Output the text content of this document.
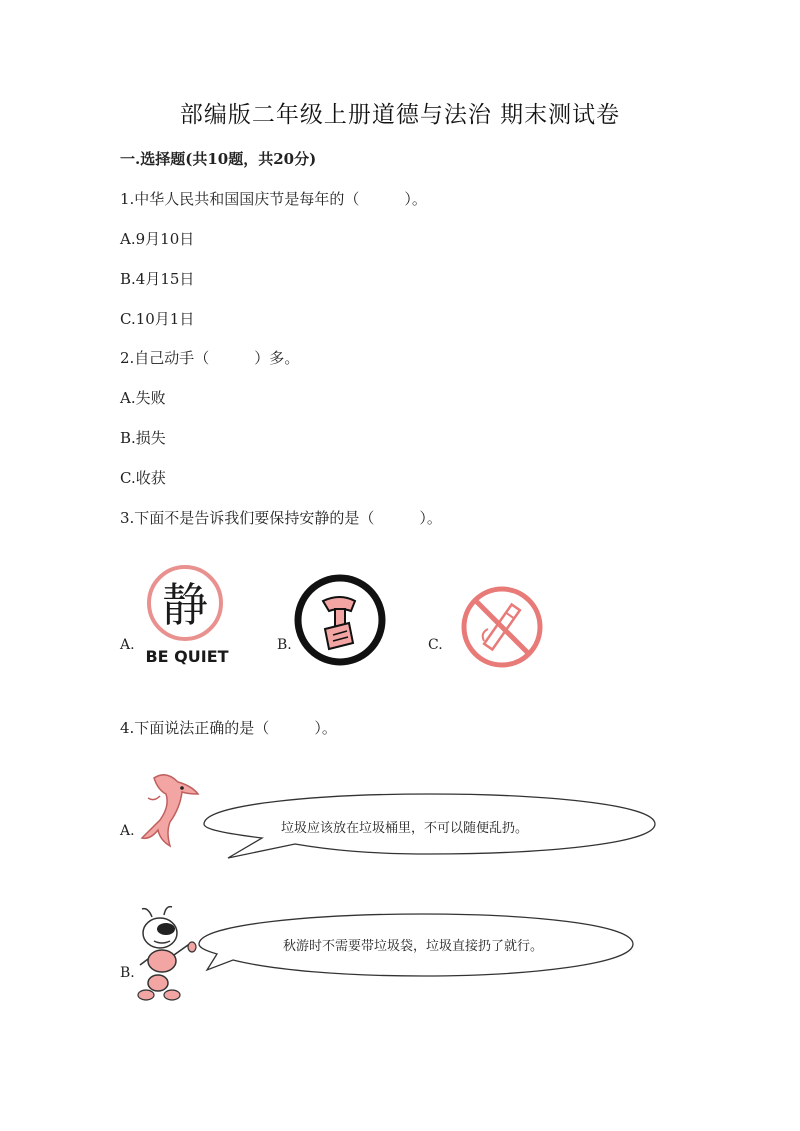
部编版二年级上册道德与法治 期末测试卷
一.选择题(共10题，共20分)
1.中华人民共和国国庆节是每年的（　　　）。
A.9月10日
B.4月15日
C.10月1日
2.自己动手（　　　）多。
A.失败
B.损失
C.收获
3.下面不是告诉我们要保持安静的是（　　　）。
A.
静
BE QUIET
B.	C.
4.下面说法正确的是（　　　）。
A.	垃圾应该放在垃圾桶里，不可以随便乱扔。
B.
秋游时不需要带垃圾袋，垃圾直接扔了就行。
